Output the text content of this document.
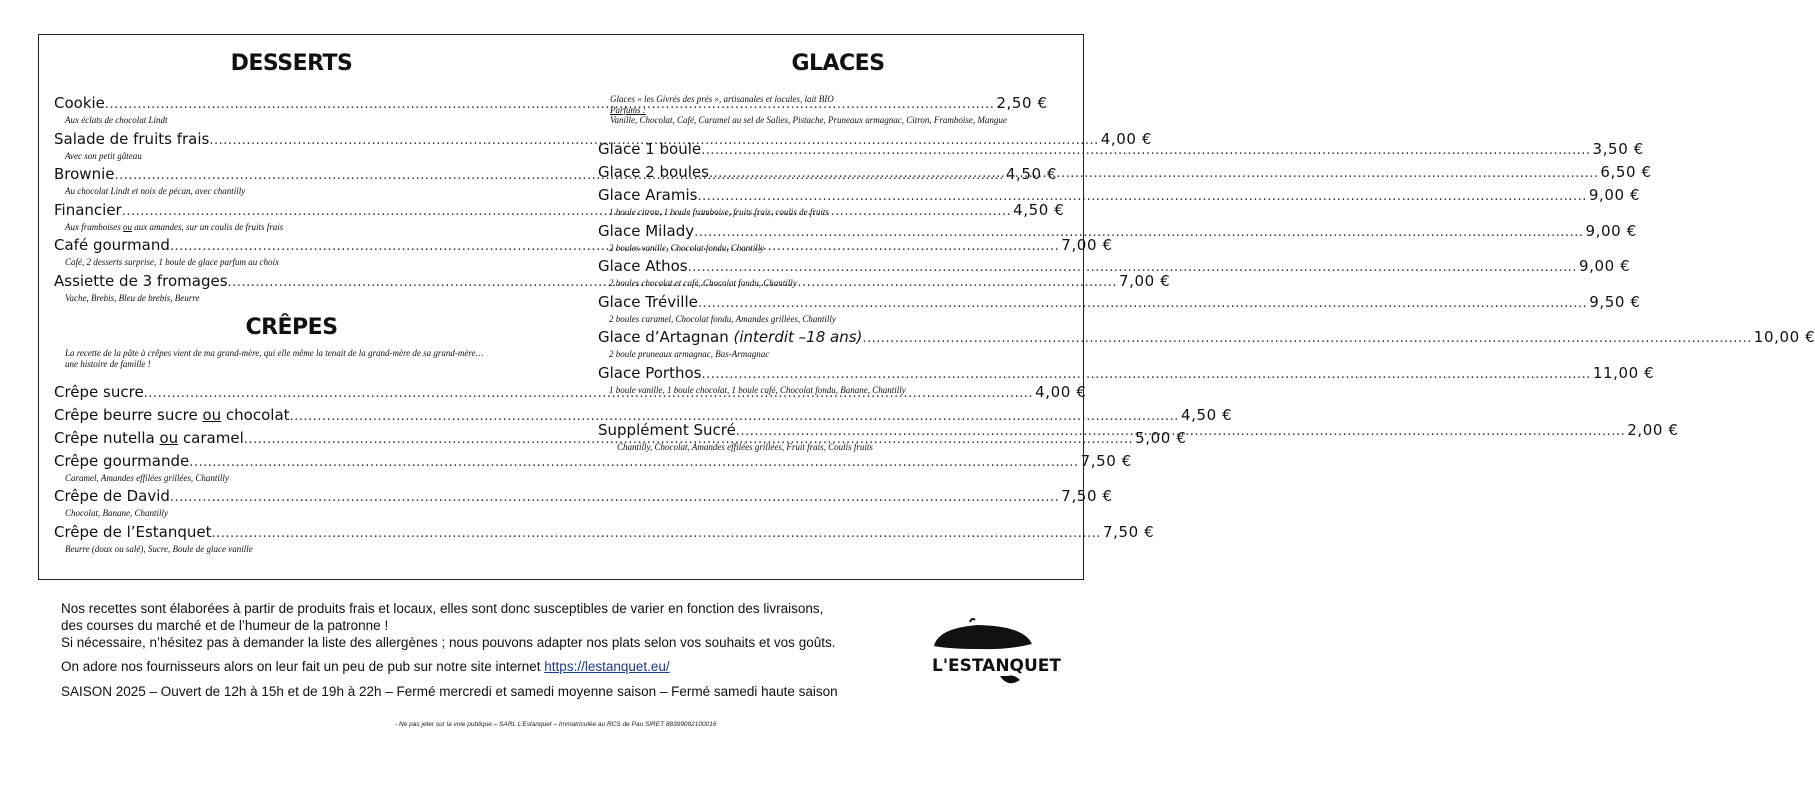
DESSERTS
Cookie .....	2,50 €
Aux éclats de chocolat Lindt
Salade de fruits frais .....	4,00 €
Avec son petit gâteau
Brownie .....	4,50 €
Au chocolat Lindt et noix de pécan, avec chantilly
Financier .....	4,50 €
Aux framboises ou aux amandes, sur un coulis de fruits frais
Café gourmand .....	7,00 €
Café, 2 desserts surprise, 1 boule de glace parfum au choix
Assiette de 3 fromages .....	7,00 €
Vache, Brebis, Bleu de brebis, Beurre
CRÊPES
La recette de la pâte à crêpes vient de ma grand-mère, qui elle même la tenait de la grand-mère de sa grand-mère…
une histoire de famille !
Crêpe sucre .....	4,00 €
Crêpe beurre sucre ou chocolat .....	4,50 €
Crêpe nutella ou caramel .....	5,00 €
Crêpe gourmande .....	7,50 €
Caramel, Amandes effilées grillées, Chantilly
Crêpe de David .....	7,50 €
Chocolat, Banane, Chantilly
Crêpe de l’Estanquet .....	7,50 €
Beurre (doux ou salé), Sucre, Boule de glace vanille
GLACES
Glaces « les Givrés des prés », artisanales et locales, lait BIO
Parfums :
Vanille, Chocolat, Café, Caramel au sel de Salies, Pistache, Pruneaux armagnac, Citron, Framboise, Mangue
Glace 1 boule .....	3,50 €
Glace 2 boules .....	6,50 €
Glace Aramis .....	9,00 €
1 boule citron, 1 boule framboise, fruits frais, coulis de fruits
Glace Milady .....	9,00 €
2 boules vanille, Chocolat fondu, Chantilly
Glace Athos .....	9,00 €
2 boules chocolat et café, Chocolat fondu, Chantilly
Glace Tréville .....	9,50 €
2 boules caramel, Chocolat fondu, Amandes grillées, Chantilly
Glace d’Artagnan (interdit –18 ans) .....	10,00 €
2 boule pruneaux armagnac, Bas-Armagnac
Glace Porthos .....	11,00 €
1 boule vanille, 1 boule chocolat, 1 boule café, Chocolat fondu, Banane, Chantilly
Supplément Sucré .....	2,00 €
Chantilly, Chocolat, Amandes effilées grillées, Fruit frais, Coulis fruits

Nos recettes sont élaborées à partir de produits frais et locaux, elles sont donc susceptibles de varier en fonction des livraisons,

des courses du marché et de l’humeur de la patronne !

Si nécessaire, n’hésitez pas à demander la liste des allergènes ; nous pouvons adapter nos plats selon vos souhaits et vos goûts.

On adore nos fournisseurs alors on leur fait un peu de pub sur notre site internet https://lestanquet.eu/

SAISON 2025 – Ouvert de 12h à 15h et de 19h à 22h – Fermé mercredi et samedi moyenne saison – Fermé samedi haute saison

- Ne pas jeter sur la voie publique – SARL L’Estanquet – Immatriculée au RCS de Pau SIRET 88399092100016
L'ESTANQUET
